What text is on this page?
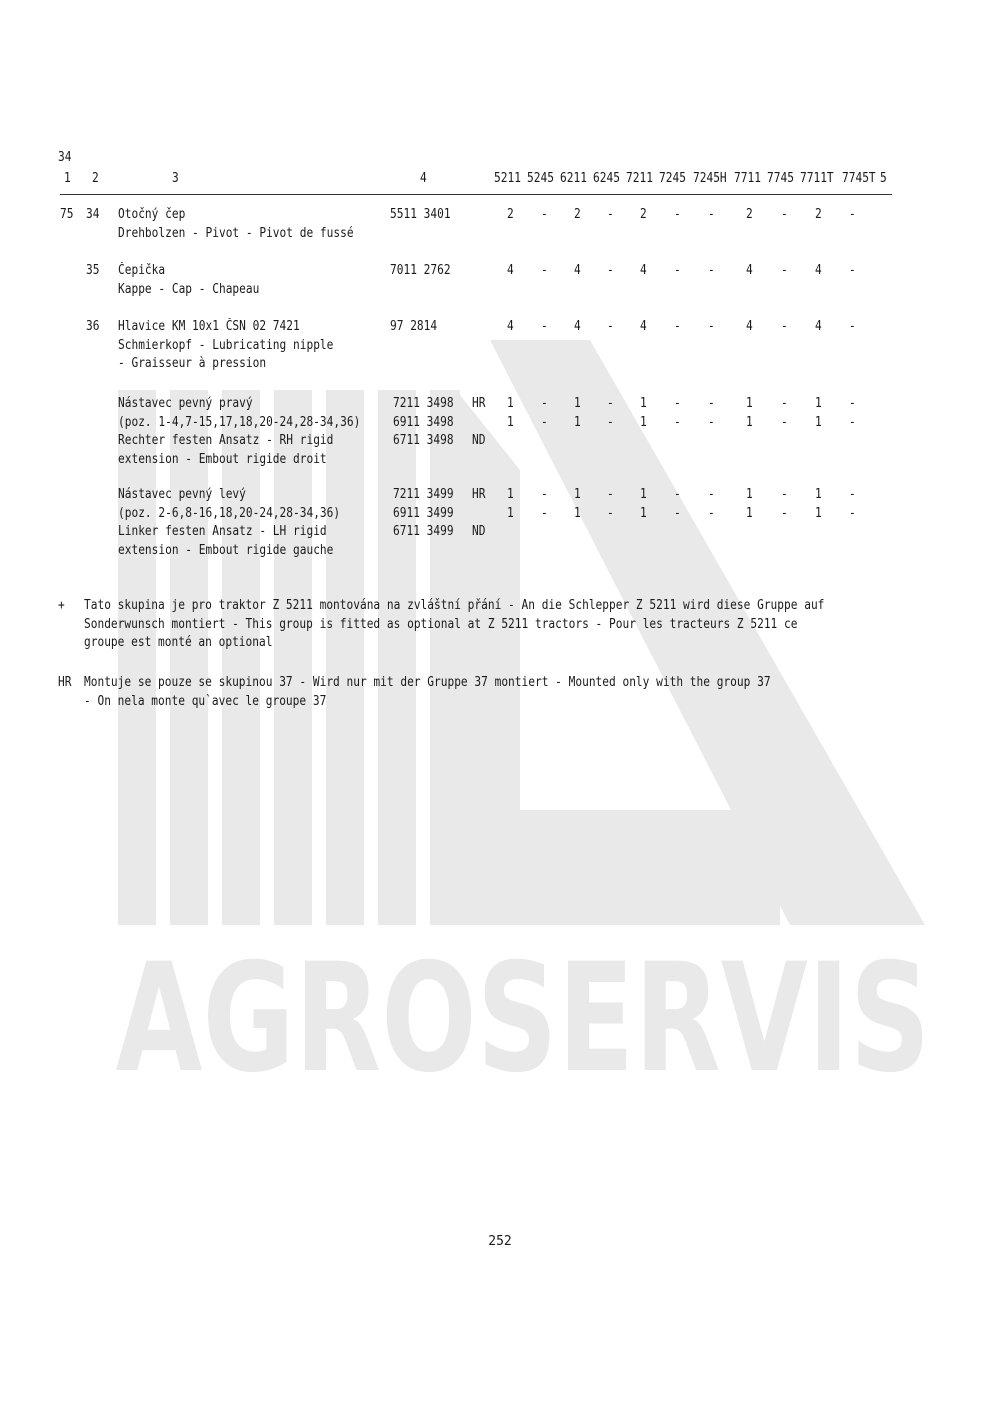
AGROSERVIS
34
1 2	3	4	5211 5245 6211 6245 7211 7245 7245H 7711 7745 7711T 7745T 5
75 34 Otočný čep
Drehbolzen - Pivot - Pivot de fussé
5511 3401	2 - 2 - 2 - - 2 - 2 -
35 Čepička
Kappe - Cap - Chapeau
7011 2762	4 - 4 - 4 - - 4 - 4 -
36 Hlavice KM 10x1 ČSN 02 7421
Schmierkopf - Lubricating nipple
- Graisseur à pression
97 2814	4 - 4 - 4 - - 4 - 4 -
Nástavec pevný pravý
(poz. 1-4,7-15,17,18,20-24,28-34,36)
Rechter festen Ansatz - RH rigid
extension - Embout rigide droit
7211 3498 HR 1 - 1 - 1 - - 1 - 1 -
6911 3498	1 - 1 - 1 - - 1 - 1 -
6711 3498 ND
Nástavec pevný levý
(poz. 2-6,8-16,18,20-24,28-34,36)
Linker festen Ansatz - LH rigid
extension - Embout rigide gauche
7211 3499 HR 1 - 1 - 1 - - 1 - 1 -
6911 3499	1 - 1 - 1 - - 1 - 1 -
6711 3499 ND
+ Tato skupina je pro traktor Z 5211 montována na zvláštní přání - An die Schlepper Z 5211 wird diese Gruppe auf
Sonderwunsch montiert - This group is fitted as optional at Z 5211 tractors - Pour les tracteurs Z 5211 ce
groupe est monté an optional
HR Montuje se pouze se skupinou 37 - Wird nur mit der Gruppe 37 montiert - Mounted only with the group 37
- On nela monte qu`avec le groupe 37
252
